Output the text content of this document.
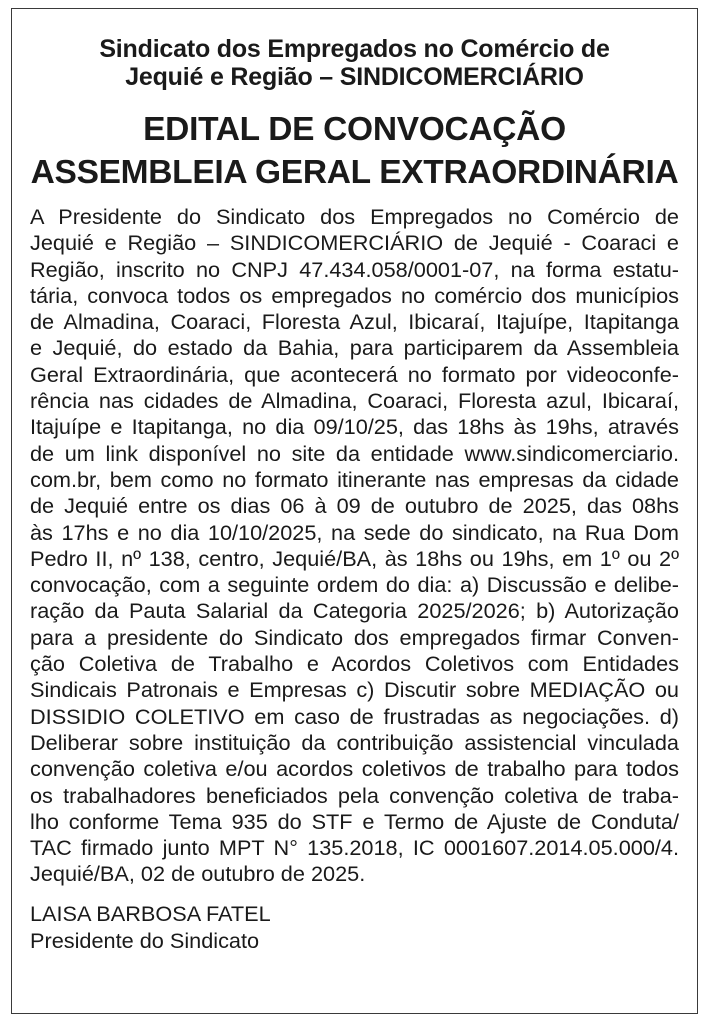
Sindicato dos Empregados no Comércio de

Jequié e Região – SINDICOMERCIÁRIO

EDITAL DE CONVOCAÇÃO

ASSEMBLEIA GERAL EXTRAORDINÁRIA

A Presidente do Sindicato dos Empregados no Comércio de
Jequié e Região – SINDICOMERCIÁRIO de Jequié - Coaraci e
Região, inscrito no CNPJ 47.434.058/0001-07, na forma estatu-
tária, convoca todos os empregados no comércio dos municípios
de Almadina, Coaraci, Floresta Azul, Ibicaraí, Itajuípe, Itapitanga
e Jequié, do estado da Bahia, para participarem da Assembleia
Geral Extraordinária, que acontecerá no formato por videoconfe-
rência nas cidades de Almadina, Coaraci, Floresta azul, Ibicaraí,
Itajuípe e Itapitanga, no dia 09/10/25, das 18hs às 19hs, através
de um link disponível no site da entidade www.sindicomerciario.
com.br, bem como no formato itinerante nas empresas da cidade
de Jequié entre os dias 06 à 09 de outubro de 2025, das 08hs
às 17hs e no dia 10/10/2025, na sede do sindicato, na Rua Dom
Pedro II, nº 138, centro, Jequié/BA, às 18hs ou 19hs, em 1º ou 2º
convocação, com a seguinte ordem do dia: a) Discussão e delibe-
ração da Pauta Salarial da Categoria 2025/2026; b) Autorização
para a presidente do Sindicato dos empregados firmar Conven-
ção Coletiva de Trabalho e Acordos Coletivos com Entidades
Sindicais Patronais e Empresas c) Discutir sobre MEDIAÇÃO ou
DISSIDIO COLETIVO em caso de frustradas as negociações. d)
Deliberar sobre instituição da contribuição assistencial vinculada
convenção coletiva e/ou acordos coletivos de trabalho para todos
os trabalhadores beneficiados pela convenção coletiva de traba-
lho conforme Tema 935 do STF e Termo de Ajuste de Conduta/
TAC firmado junto MPT N° 135.2018, IC 0001607.2014.05.000/4.
Jequié/BA, 02 de outubro de 2025.

LAISA BARBOSA FATEL

Presidente do Sindicato
